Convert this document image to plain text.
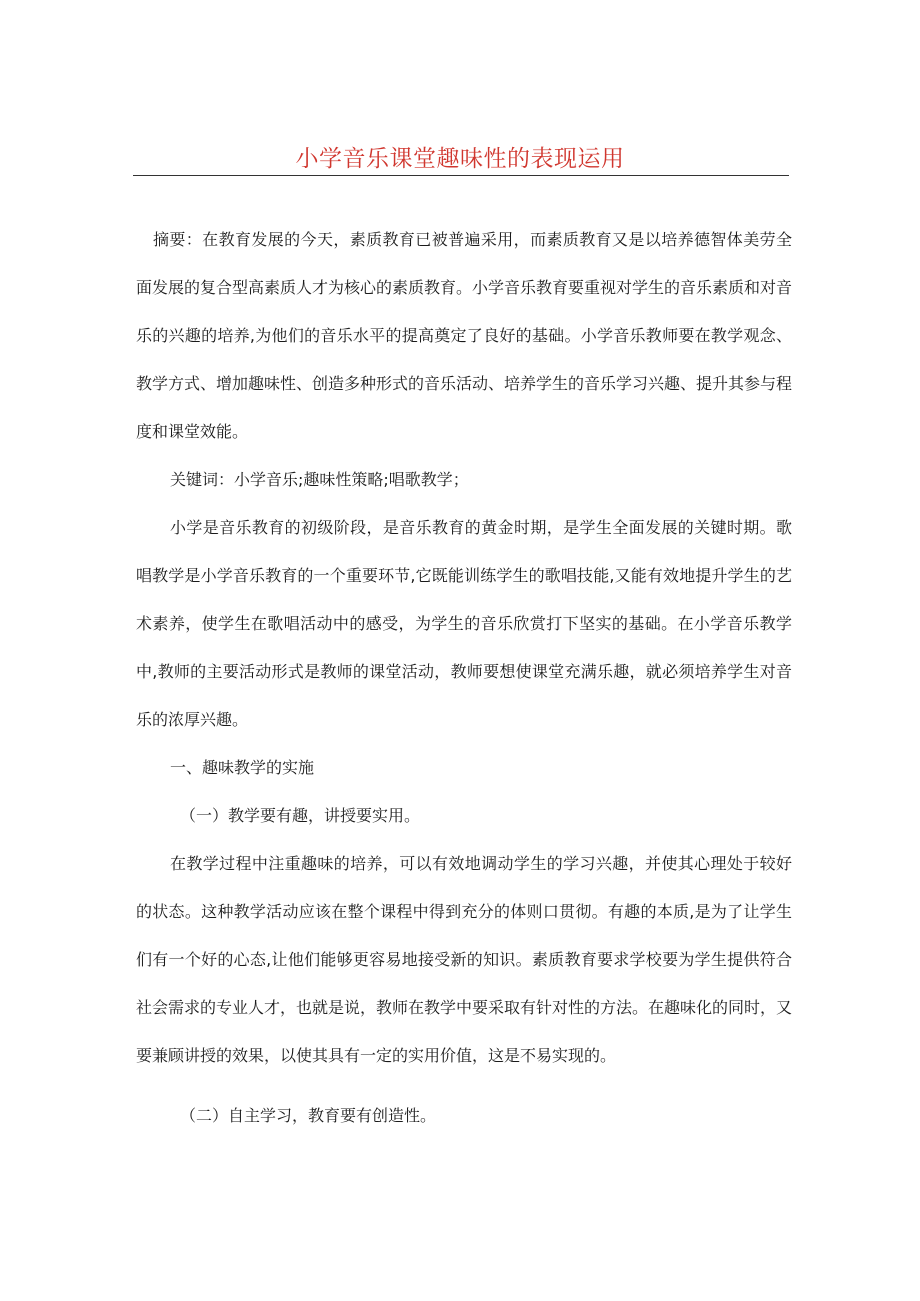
小学音乐课堂趣味性的表现运用

摘要：在教育发展的今天，素质教育已被普遍采用，而素质教育又是以培养德智体美劳全面发展的复合型高素质人才为核心的素质教育。小学音乐教育要重视对学生的音乐素质和对音乐的兴趣的培养,为他们的音乐水平的提高奠定了良好的基础。小学音乐教师要在教学观念、教学方式、增加趣味性、创造多种形式的音乐活动、培养学生的音乐学习兴趣、提升其参与程度和课堂效能。

关键词：小学音乐;趣味性策略;唱歌教学；

小学是音乐教育的初级阶段，是音乐教育的黄金时期，是学生全面发展的关键时期。歌唱教学是小学音乐教育的一个重要环节,它既能训练学生的歌唱技能,又能有效地提升学生的艺术素养，使学生在歌唱活动中的感受，为学生的音乐欣赏打下坚实的基础。在小学音乐教学中,教师的主要活动形式是教师的课堂活动，教师要想使课堂充满乐趣，就必须培养学生对音乐的浓厚兴趣。

一、趣味教学的实施

（一）教学要有趣，讲授要实用。

在教学过程中注重趣味的培养，可以有效地调动学生的学习兴趣，并使其心理处于较好的状态。这种教学活动应该在整个课程中得到充分的体则口贯彻。有趣的本质,是为了让学生们有一个好的心态,让他们能够更容易地接受新的知识。素质教育要求学校要为学生提供符合社会需求的专业人才，也就是说，教师在教学中要采取有针对性的方法。在趣味化的同时，又要兼顾讲授的效果，以使其具有一定的实用价值，这是不易实现的。

（二）自主学习，教育要有创造性。
